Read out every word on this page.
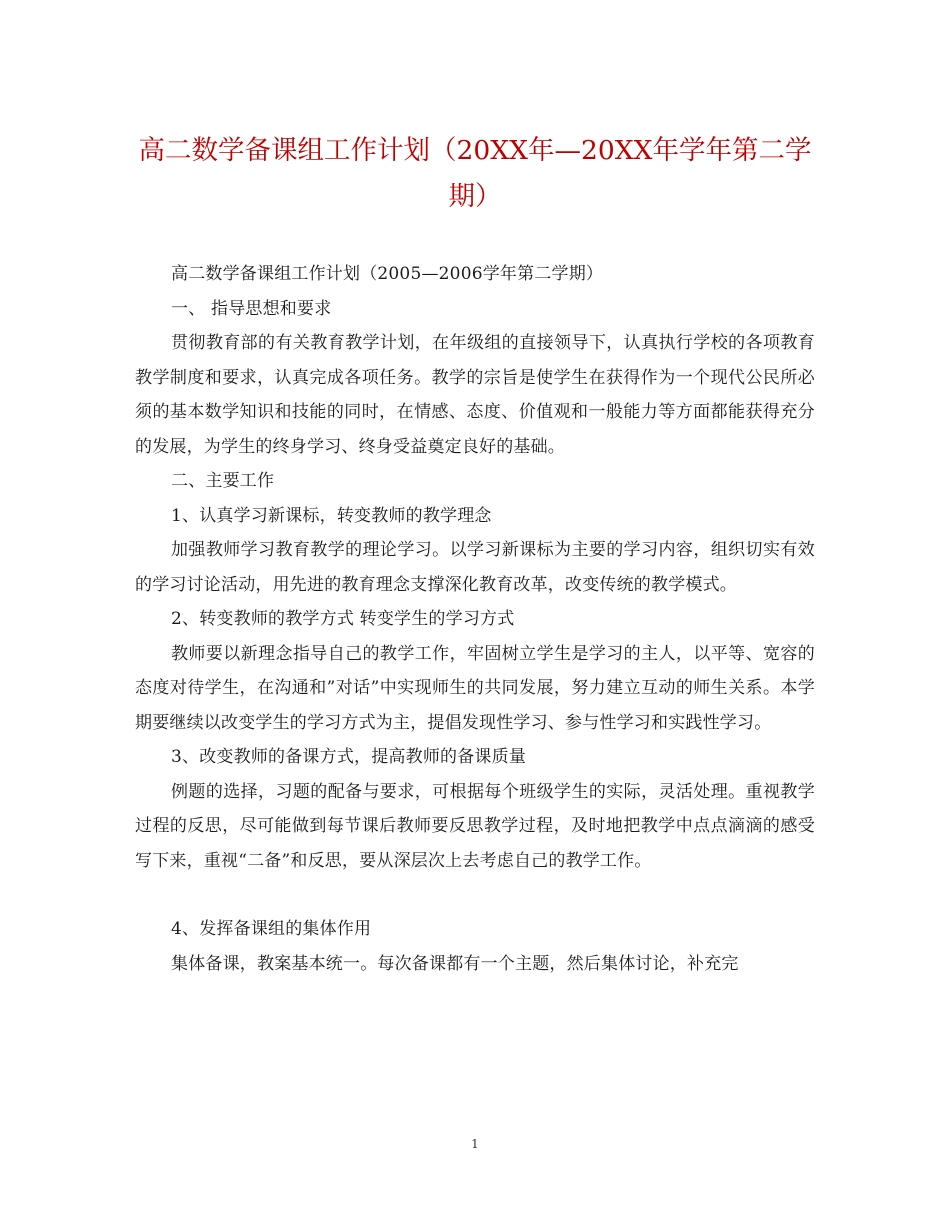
高二数学备课组工作计划（20XX年—20XX年学年第二学期）

高二数学备课组工作计划（2005—2006学年第二学期）

一、 指导思想和要求

贯彻教育部的有关教育教学计划，在年级组的直接领导下，认真执行学校的各项教育教学制度和要求，认真完成各项任务。教学的宗旨是使学生在获得作为一个现代公民所必须的基本数学知识和技能的同时，在情感、态度、价值观和一般能力等方面都能获得充分的发展，为学生的终身学习、终身受益奠定良好的基础。

二、主要工作

1、认真学习新课标，转变教师的教学理念

加强教师学习教育教学的理论学习。以学习新课标为主要的学习内容，组织切实有效的学习讨论活动，用先进的教育理念支撑深化教育改革，改变传统的教学模式。

2、转变教师的教学方式 转变学生的学习方式

教师要以新理念指导自己的教学工作，牢固树立学生是学习的主人，以平等、宽容的态度对待学生，在沟通和”对话”中实现师生的共同发展，努力建立互动的师生关系。本学期要继续以改变学生的学习方式为主，提倡发现性学习、参与性学习和实践性学习。

3、改变教师的备课方式，提高教师的备课质量

例题的选择，习题的配备与要求，可根据每个班级学生的实际，灵活处理。重视教学过程的反思，尽可能做到每节课后教师要反思教学过程，及时地把教学中点点滴滴的感受写下来，重视“二备”和反思，要从深层次上去考虑自己的教学工作。

4、发挥备课组的集体作用

集体备课，教案基本统一。每次备课都有一个主题，然后集体讨论，补充完

1
